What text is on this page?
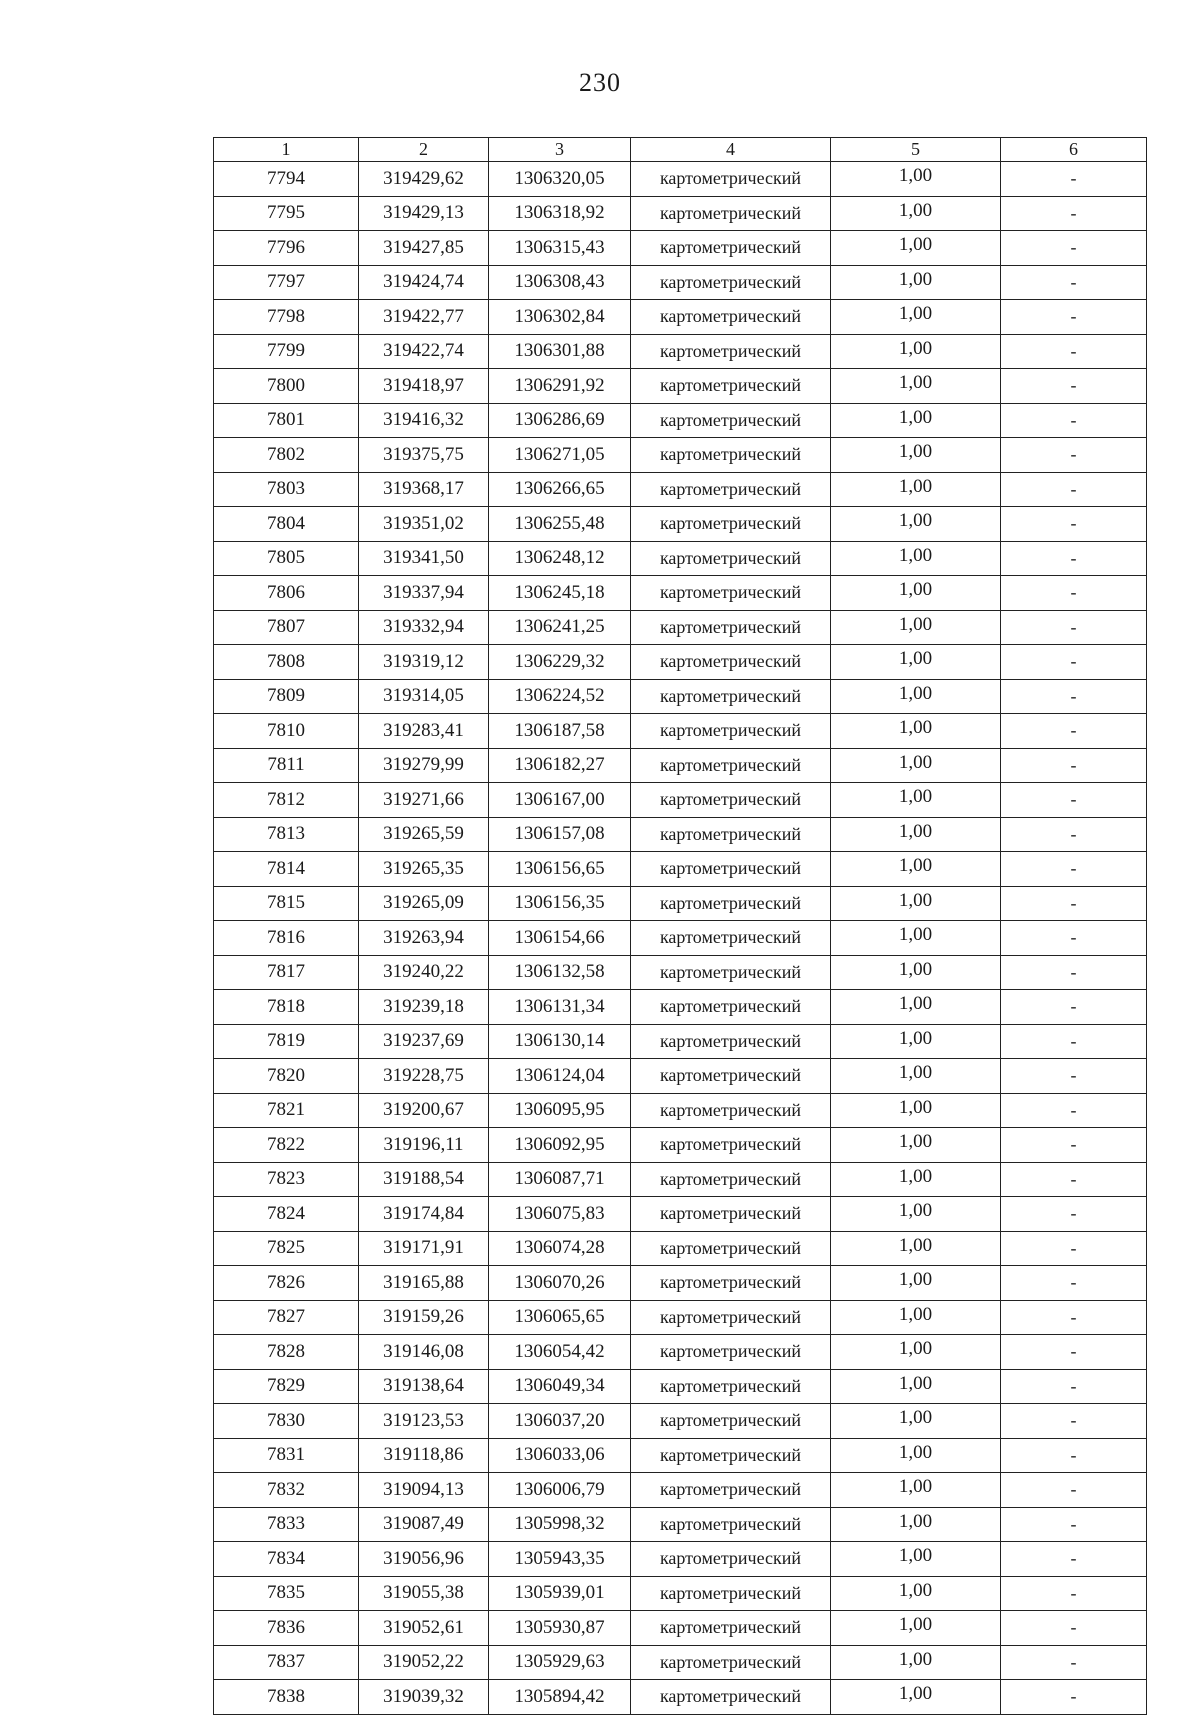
230
1	2	3	4	5	6
7794	319429,62	1306320,05	картометрический	1,00	-
7795	319429,13	1306318,92	картометрический	1,00	-
7796	319427,85	1306315,43	картометрический	1,00	-
7797	319424,74	1306308,43	картометрический	1,00	-
7798	319422,77	1306302,84	картометрический	1,00	-
7799	319422,74	1306301,88	картометрический	1,00	-
7800	319418,97	1306291,92	картометрический	1,00	-
7801	319416,32	1306286,69	картометрический	1,00	-
7802	319375,75	1306271,05	картометрический	1,00	-
7803	319368,17	1306266,65	картометрический	1,00	-
7804	319351,02	1306255,48	картометрический	1,00	-
7805	319341,50	1306248,12	картометрический	1,00	-
7806	319337,94	1306245,18	картометрический	1,00	-
7807	319332,94	1306241,25	картометрический	1,00	-
7808	319319,12	1306229,32	картометрический	1,00	-
7809	319314,05	1306224,52	картометрический	1,00	-
7810	319283,41	1306187,58	картометрический	1,00	-
7811	319279,99	1306182,27	картометрический	1,00	-
7812	319271,66	1306167,00	картометрический	1,00	-
7813	319265,59	1306157,08	картометрический	1,00	-
7814	319265,35	1306156,65	картометрический	1,00	-
7815	319265,09	1306156,35	картометрический	1,00	-
7816	319263,94	1306154,66	картометрический	1,00	-
7817	319240,22	1306132,58	картометрический	1,00	-
7818	319239,18	1306131,34	картометрический	1,00	-
7819	319237,69	1306130,14	картометрический	1,00	-
7820	319228,75	1306124,04	картометрический	1,00	-
7821	319200,67	1306095,95	картометрический	1,00	-
7822	319196,11	1306092,95	картометрический	1,00	-
7823	319188,54	1306087,71	картометрический	1,00	-
7824	319174,84	1306075,83	картометрический	1,00	-
7825	319171,91	1306074,28	картометрический	1,00	-
7826	319165,88	1306070,26	картометрический	1,00	-
7827	319159,26	1306065,65	картометрический	1,00	-
7828	319146,08	1306054,42	картометрический	1,00	-
7829	319138,64	1306049,34	картометрический	1,00	-
7830	319123,53	1306037,20	картометрический	1,00	-
7831	319118,86	1306033,06	картометрический	1,00	-
7832	319094,13	1306006,79	картометрический	1,00	-
7833	319087,49	1305998,32	картометрический	1,00	-
7834	319056,96	1305943,35	картометрический	1,00	-
7835	319055,38	1305939,01	картометрический	1,00	-
7836	319052,61	1305930,87	картометрический	1,00	-
7837	319052,22	1305929,63	картометрический	1,00	-
7838	319039,32	1305894,42	картометрический	1,00	-
